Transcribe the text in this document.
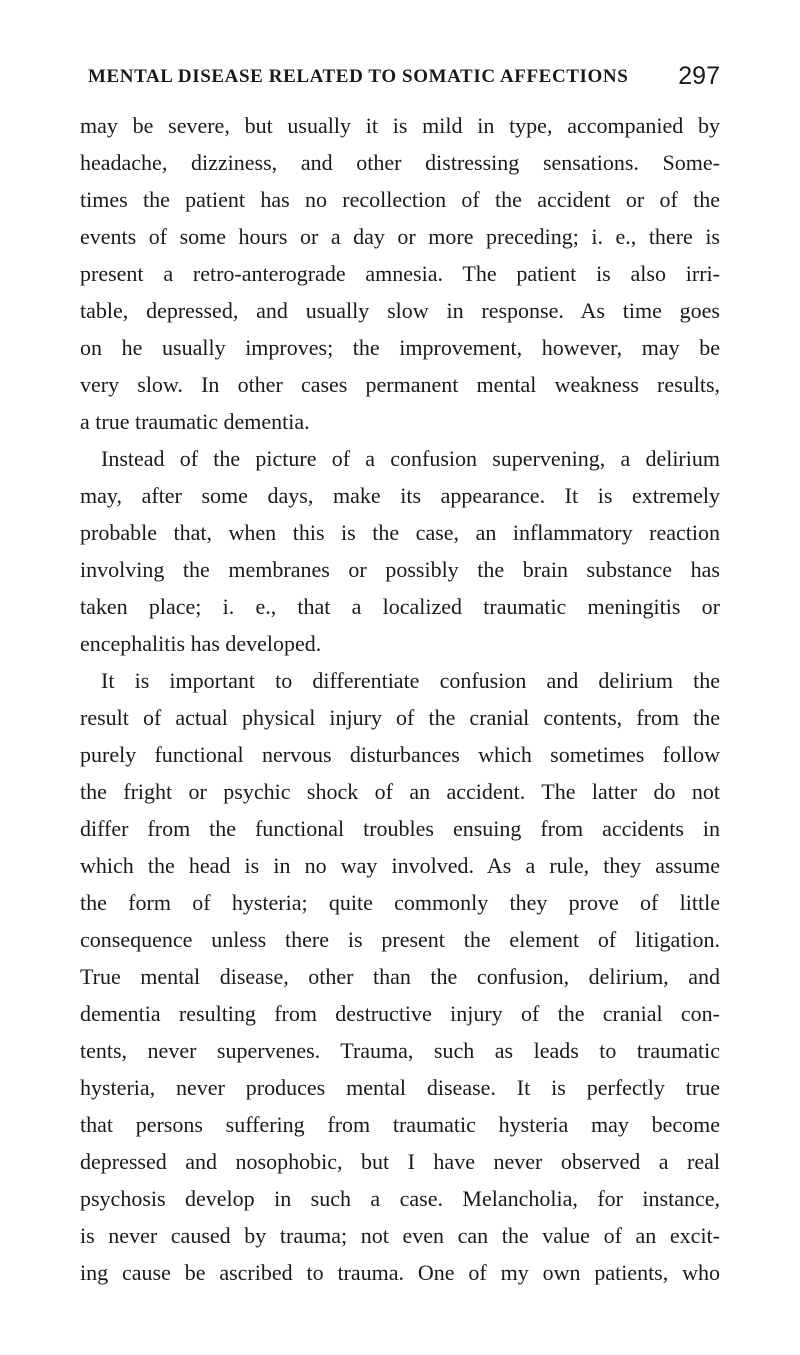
MENTAL DISEASE RELATED TO SOMATIC AFFECTIONS 297
may be severe, but usually it is mild in type, accompanied by
headache, dizziness, and other distressing sensations. Some-
times the patient has no recollection of the accident or of the
events of some hours or a day or more preceding; i. e., there is
present a retro-anterograde amnesia. The patient is also irri-
table, depressed, and usually slow in response. As time goes
on he usually improves; the improvement, however, may be
very slow. In other cases permanent mental weakness results,
a true traumatic dementia.
Instead of the picture of a confusion supervening, a delirium
may, after some days, make its appearance. It is extremely
probable that, when this is the case, an inflammatory reaction
involving the membranes or possibly the brain substance has
taken place; i. e., that a localized traumatic meningitis or
encephalitis has developed.
It is important to differentiate confusion and delirium the
result of actual physical injury of the cranial contents, from the
purely functional nervous disturbances which sometimes follow
the fright or psychic shock of an accident. The latter do not
differ from the functional troubles ensuing from accidents in
which the head is in no way involved. As a rule, they assume
the form of hysteria; quite commonly they prove of little
consequence unless there is present the element of litigation.
True mental disease, other than the confusion, delirium, and
dementia resulting from destructive injury of the cranial con-
tents, never supervenes. Trauma, such as leads to traumatic
hysteria, never produces mental disease. It is perfectly true
that persons suffering from traumatic hysteria may become
depressed and nosophobic, but I have never observed a real
psychosis develop in such a case. Melancholia, for instance,
is never caused by trauma; not even can the value of an excit-
ing cause be ascribed to trauma. One of my own patients, who
